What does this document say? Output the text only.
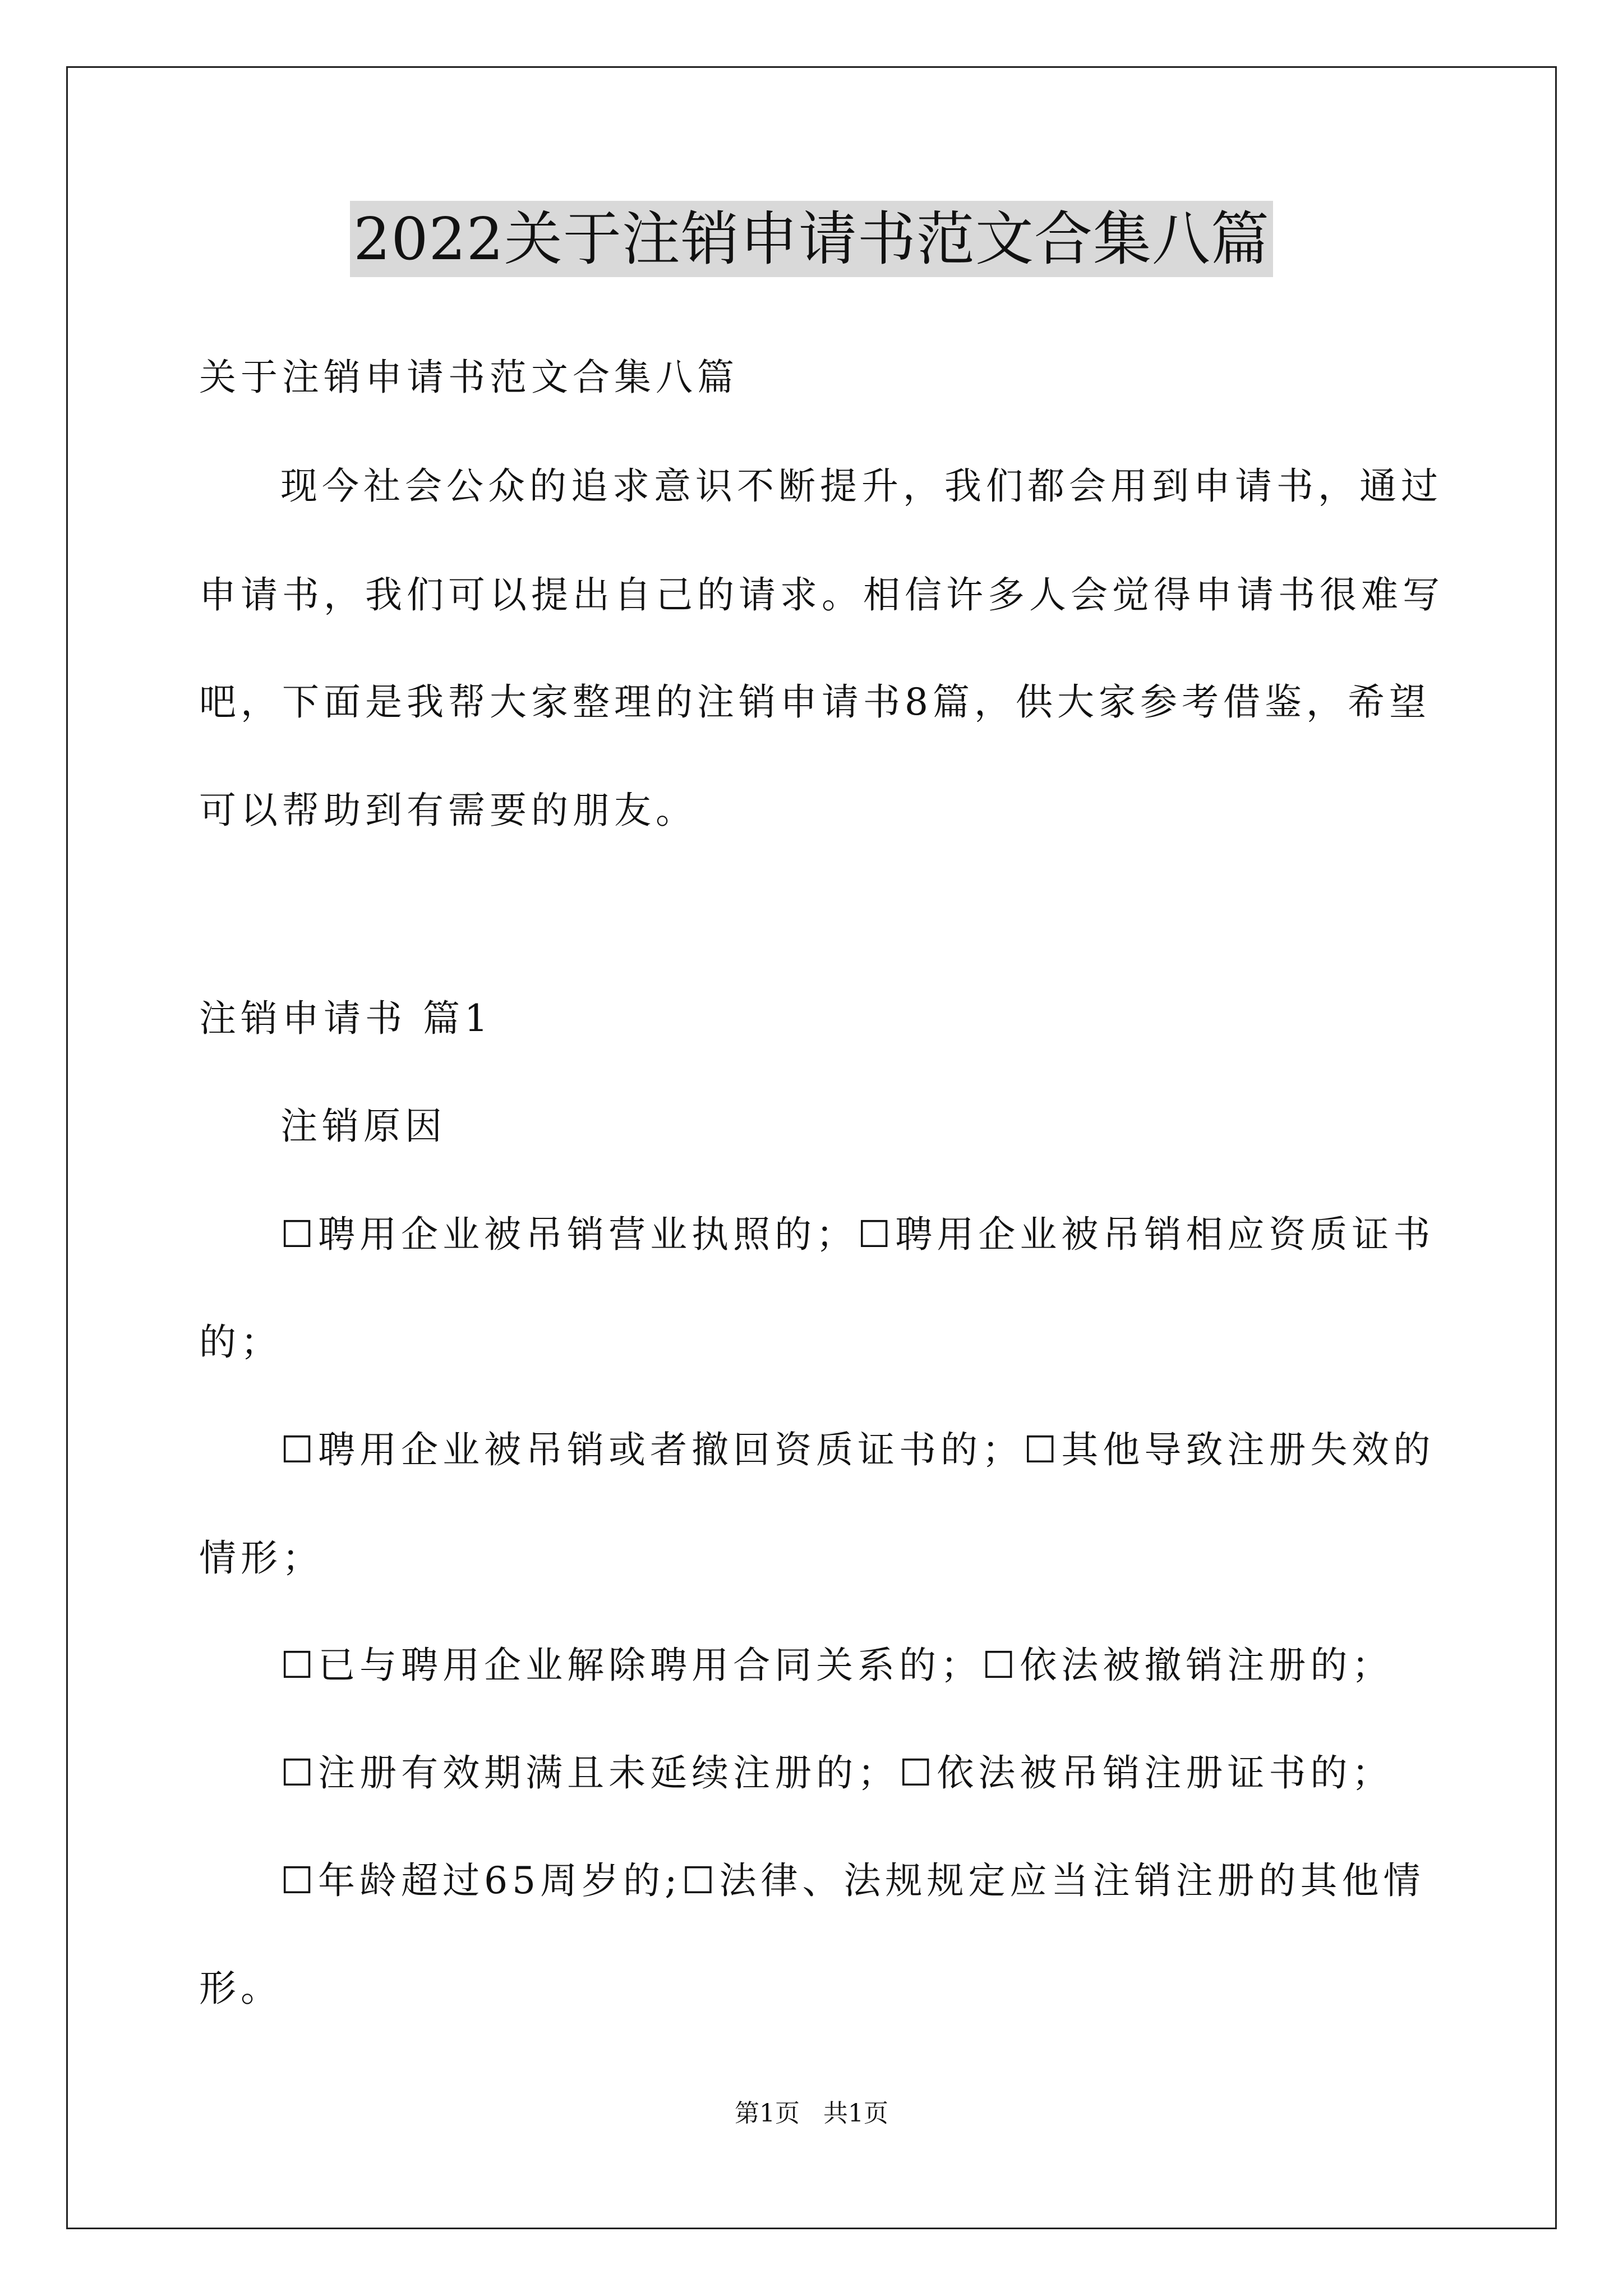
2022关于注销申请书范文合集八篇
关于注销申请书范文合集八篇
现今社会公众的追求意识不断提升，我们都会用到申请书，通过
申请书，我们可以提出自己的请求。相信许多人会觉得申请书很难写
吧，下面是我帮大家整理的注销申请书8篇，供大家参考借鉴，希望
可以帮助到有需要的朋友。
注销申请书 篇1
注销原因
☐聘用企业被吊销营业执照的；☐聘用企业被吊销相应资质证书
的；
☐聘用企业被吊销或者撤回资质证书的；☐其他导致注册失效的
情形；
☐已与聘用企业解除聘用合同关系的；☐依法被撤销注册的；
☐注册有效期满且未延续注册的；☐依法被吊销注册证书的；
☐年龄超过65周岁的;☐法律、法规规定应当注销注册的其他情
形。
第1页   共1页
